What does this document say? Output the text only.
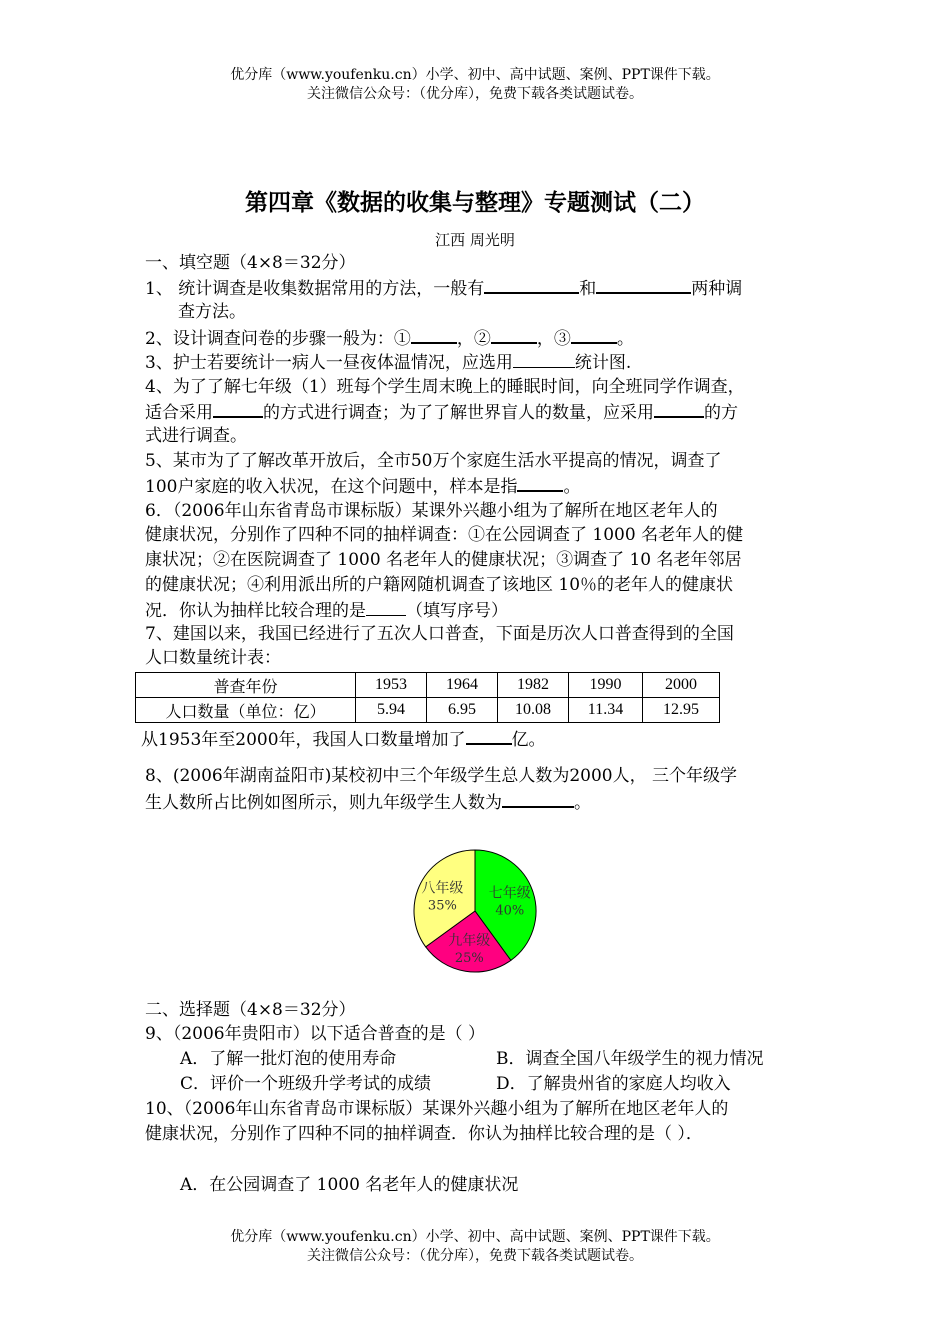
优分库（www.youfenku.cn）小学、初中、高中试题、案例、PPT课件下载。
关注微信公众号：（优分库），免费下载各类试题试卷。
第四章《数据的收集与整理》专题测试（二）
江西 周光明
一、填空题（4×8＝32分）
1、 统计调查是收集数据常用的方法，一般有	和	两种调
查方法。
2、设计调查问卷的步骤一般为：①	，②	，③	。
3、护士若要统计一病人一昼夜体温情况，应选用	统计图.
4、为了了解七年级（1）班每个学生周末晚上的睡眠时间，向全班同学作调查，
适合采用	的方式进行调查；为了了解世界盲人的数量，应采用	的方
式进行调查。
5、某市为了了解改革开放后，全市50万个家庭生活水平提高的情况，调查了
100户家庭的收入状况，在这个问题中，样本是指	。
6．（2006年山东省青岛市课标版）某课外兴趣小组为了解所在地区老年人的
健康状况，分别作了四种不同的抽样调查：①在公园调查了 1000 名老年人的健
康状况；②在医院调查了 1000 名老年人的健康状况；③调查了 10 名老年邻居
的健康状况；④利用派出所的户籍网随机调查了该地区 10％的老年人的健康状
况．你认为抽样比较合理的是 （填写序号）
7、建国以来，我国已经进行了五次人口普查，下面是历次人口普查得到的全国
人口数量统计表：
普查年份	1953	1964	1982	1990	2000
人口数量（单位：亿）	5.94	6.95	10.08	11.34	12.95
从1953年至2000年，我国人口数量增加了	亿。
8、(2006年湖南益阳市)某校初中三个年级学生总人数为2000人， 三个年级学
生人数所占比例如图所示，则九年级学生人数为	。
七年级
40%
九年级
25%
八年级
35%
二、选择题（4×8＝32分）
9、（2006年贵阳市）以下适合普查的是（ ）
A．了解一批灯泡的使用寿命	B．调查全国八年级学生的视力情况
C．评价一个班级升学考试的成绩	D．了解贵州省的家庭人均收入
10、（2006年山东省青岛市课标版）某课外兴趣小组为了解所在地区老年人的
健康状况，分别作了四种不同的抽样调查．你认为抽样比较合理的是（ ）．
A．在公园调查了 1000 名老年人的健康状况
优分库（www.youfenku.cn）小学、初中、高中试题、案例、PPT课件下载。
关注微信公众号：（优分库），免费下载各类试题试卷。
